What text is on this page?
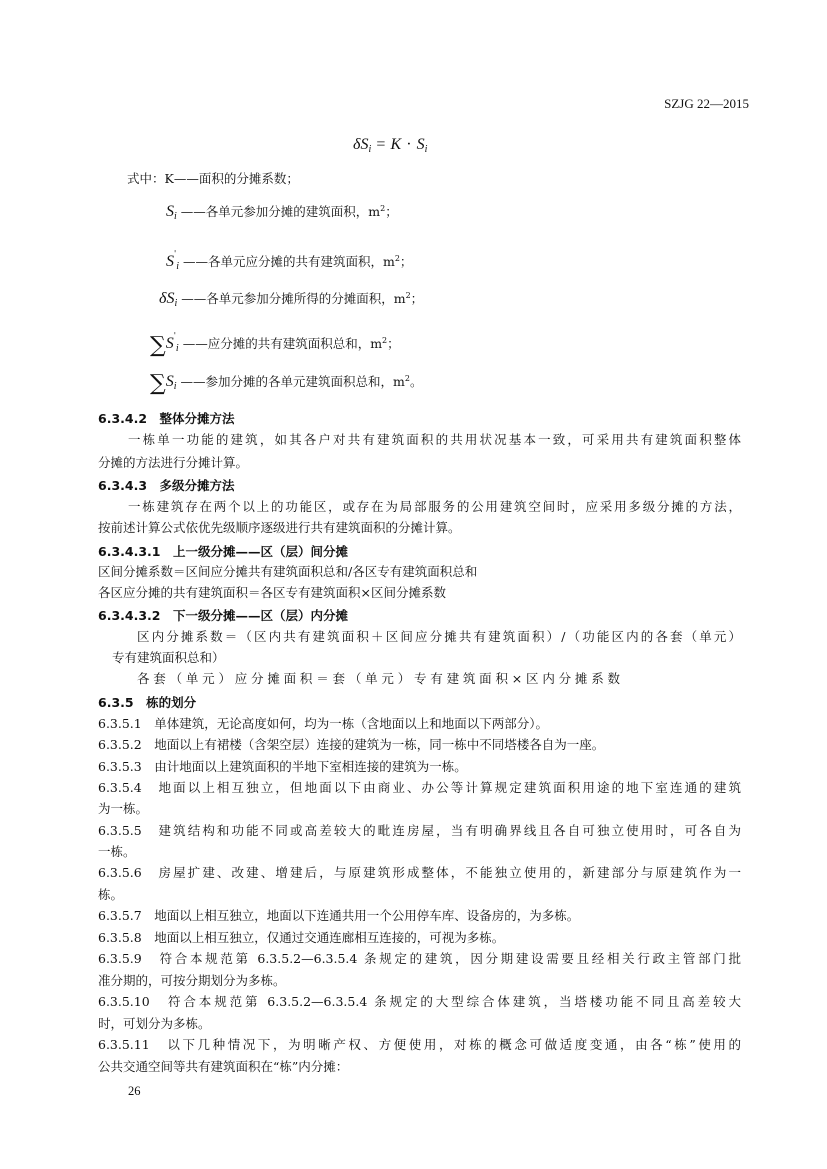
SZJG 22—2015
$\delta S_i = K \cdot S_i$
式中：K——面积的分摊系数；
$S_i$ ——各单元参加分摊的建筑面积，$m^2$；
$S'_i$ ——各单元应分摊的共有建筑面积，$m^2$；
$\delta S_i$ ——各单元参加分摊所得的分摊面积，$m^2$；
$\sum S'_i$ ——应分摊的共有建筑面积总和，$m^2$；
$\sum S_i$ ——参加分摊的各单元建筑面积总和，$m^2$。
6.3.4.2　整体分摊方法
一栋单一功能的建筑，如其各户对共有建筑面积的共用状况基本一致，可采用共有建筑面积整体
分摊的方法进行分摊计算。
6.3.4.3　多级分摊方法
一栋建筑存在两个以上的功能区，或存在为局部服务的公用建筑空间时，应采用多级分摊的方法，
按前述计算公式依优先级顺序逐级进行共有建筑面积的分摊计算。
6.3.4.3.1　上一级分摊——区（层）间分摊
区间分摊系数＝区间应分摊共有建筑面积总和/各区专有建筑面积总和
各区应分摊的共有建筑面积＝各区专有建筑面积×区间分摊系数
6.3.4.3.2　下一级分摊——区（层）内分摊
区内分摊系数＝（区内共有建筑面积＋区间应分摊共有建筑面积）/（功能区内的各套（单元）
专有建筑面积总和）
各套（单元）应分摊面积＝套（单元）专有建筑面积×区内分摊系数
6.3.5　栋的划分
6.3.5.1　单体建筑，无论高度如何，均为一栋（含地面以上和地面以下两部分）。
6.3.5.2　地面以上有裙楼（含架空层）连接的建筑为一栋，同一栋中不同塔楼各自为一座。
6.3.5.3　由计地面以上建筑面积的半地下室相连接的建筑为一栋。
6.3.5.4　地面以上相互独立，但地面以下由商业、办公等计算规定建筑面积用途的地下室连通的建筑
为一栋。
6.3.5.5　建筑结构和功能不同或高差较大的毗连房屋，当有明确界线且各自可独立使用时，可各自为
一栋。
6.3.5.6　房屋扩建、改建、增建后，与原建筑形成整体，不能独立使用的，新建部分与原建筑作为一
栋。
6.3.5.7　地面以上相互独立，地面以下连通共用一个公用停车库、设备房的，为多栋。
6.3.5.8　地面以上相互独立，仅通过交通连廊相互连接的，可视为多栋。
6.3.5.9　符合本规范第 6.3.5.2—6.3.5.4 条规定的建筑，因分期建设需要且经相关行政主管部门批
准分期的，可按分期划分为多栋。
6.3.5.10　符合本规范第 6.3.5.2—6.3.5.4 条规定的大型综合体建筑，当塔楼功能不同且高差较大
时，可划分为多栋。
6.3.5.11　以下几种情况下，为明晰产权、方便使用，对栋的概念可做适度变通，由各“栋”使用的
公共交通空间等共有建筑面积在“栋”内分摊：
26
